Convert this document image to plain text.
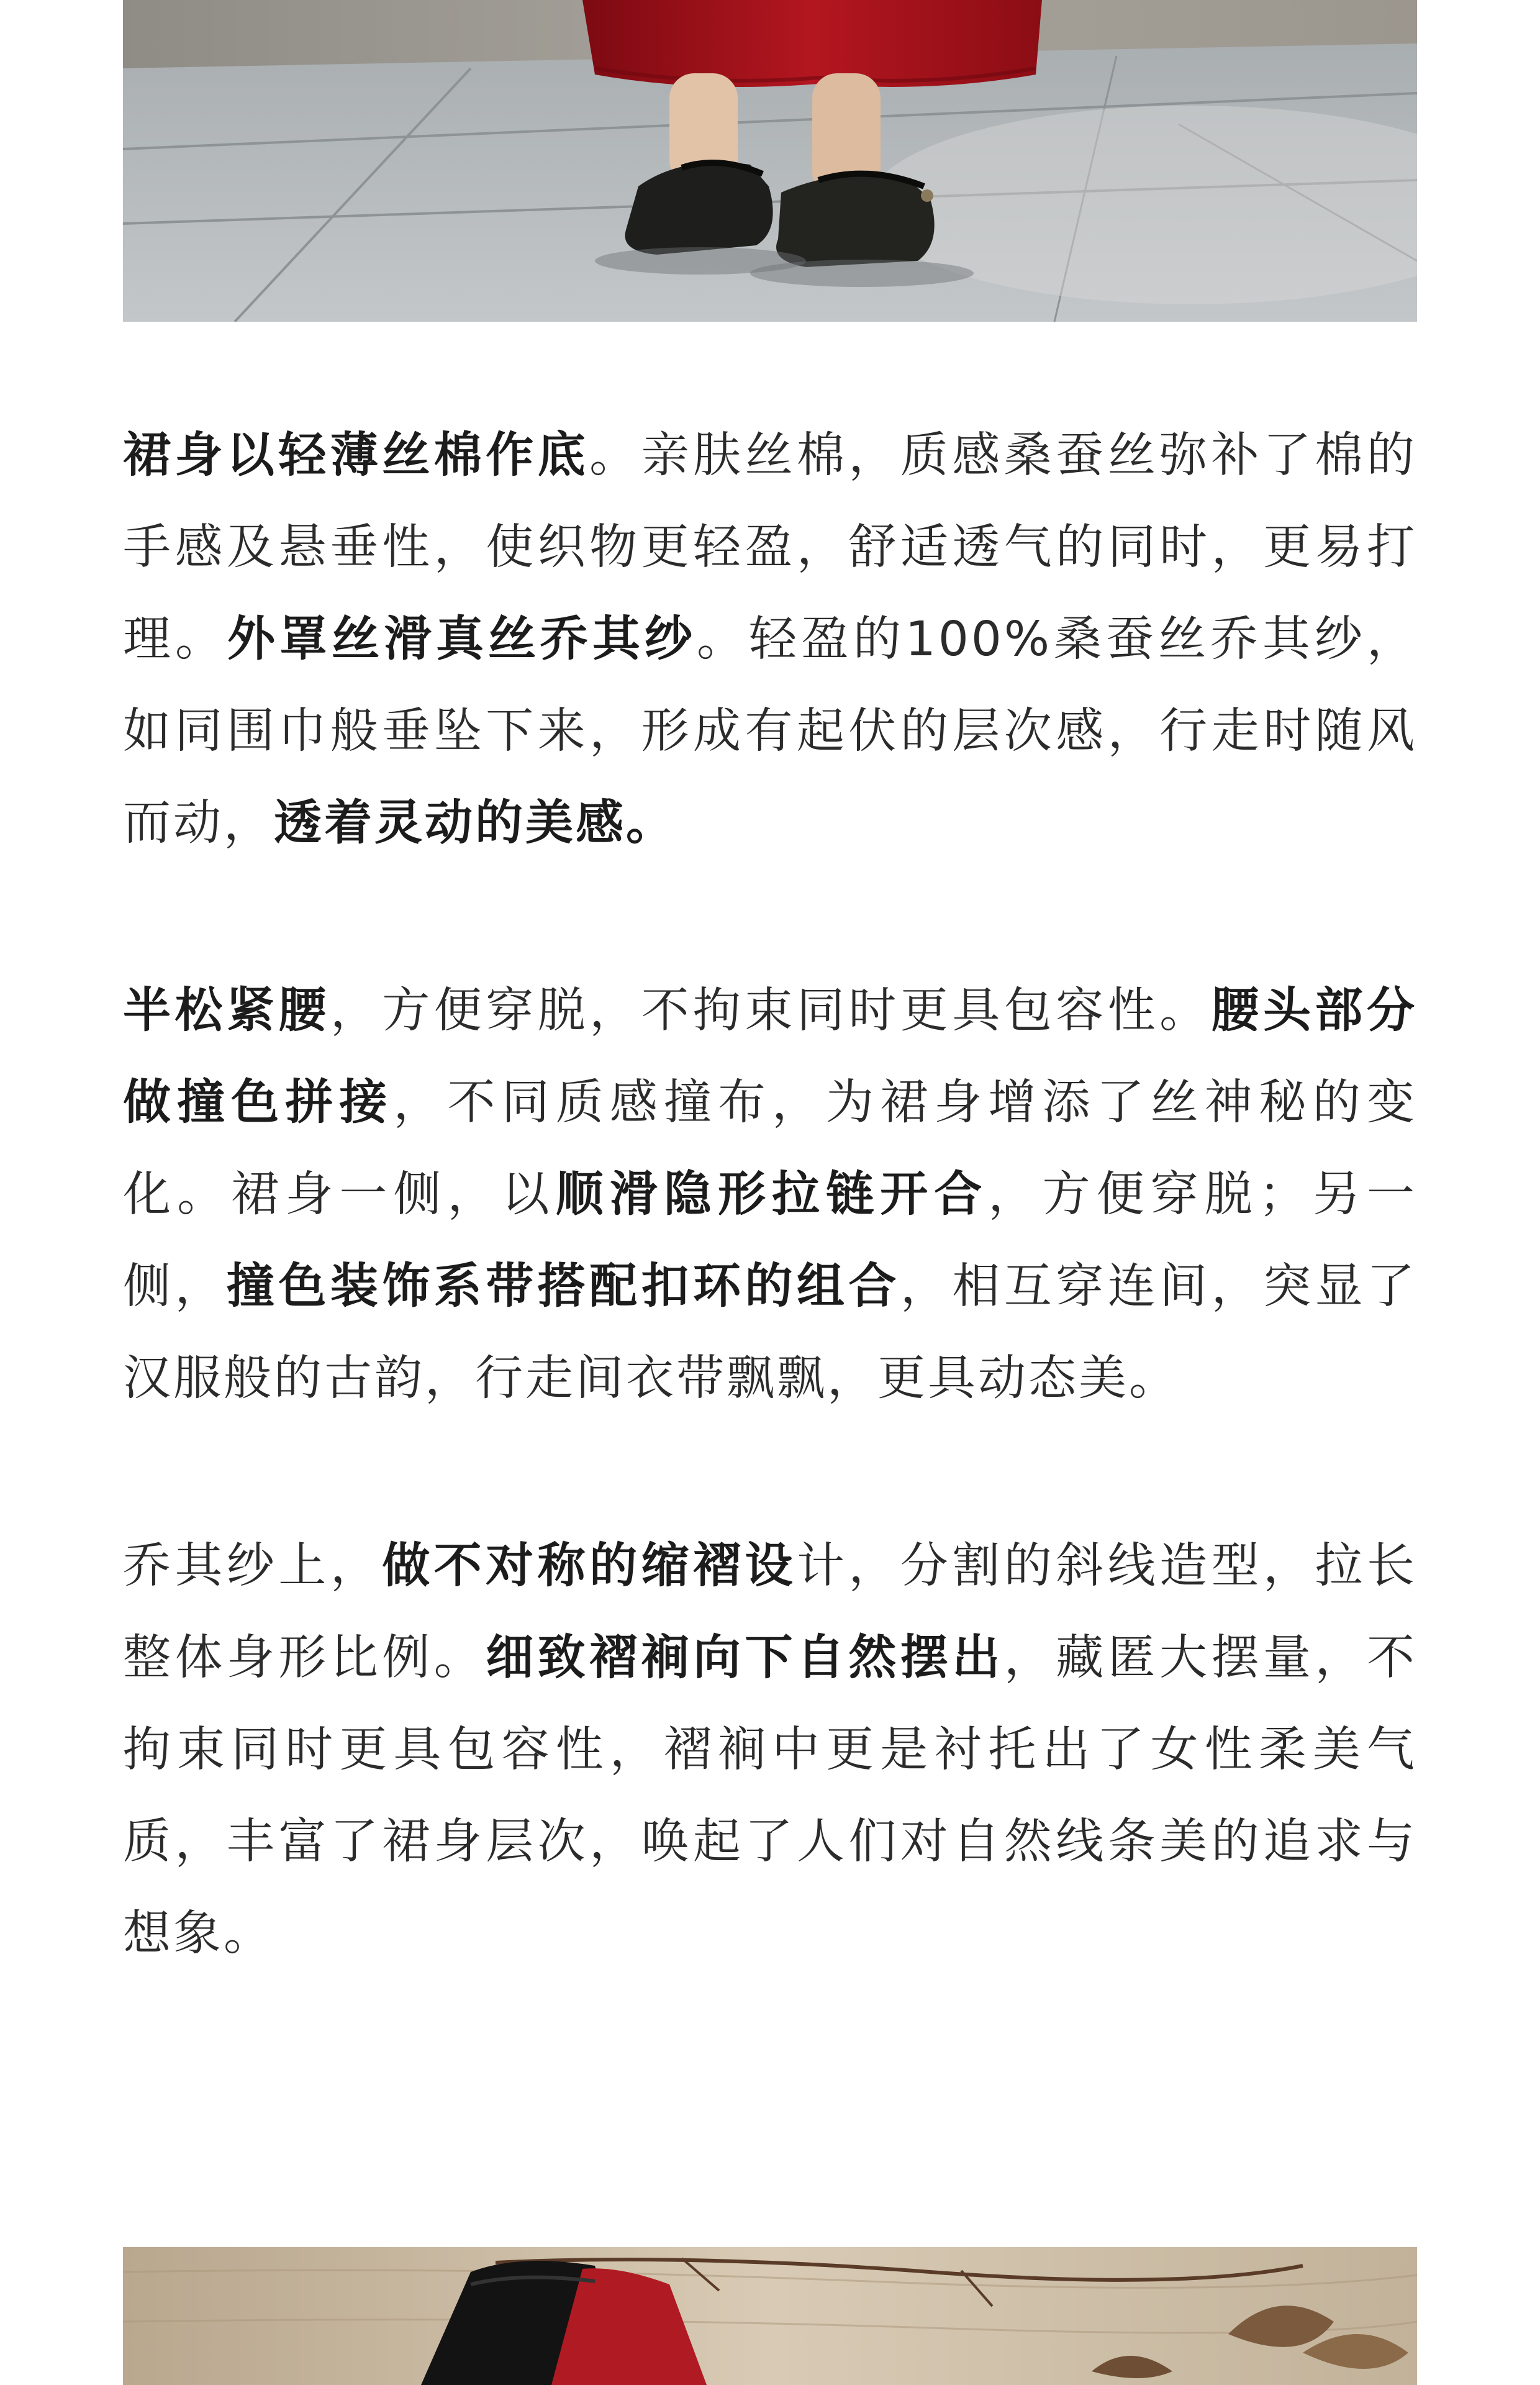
裙身以轻薄丝棉作底。亲肤丝棉，质感桑蚕丝弥补了棉的手感及悬垂性，使织物更轻盈，舒适透气的同时，更易打理。外罩丝滑真丝乔其纱。轻盈的100%桑蚕丝乔其纱，如同围巾般垂坠下来，形成有起伏的层次感，行走时随风而动，透着灵动的美感。

半松紧腰，方便穿脱，不拘束同时更具包容性。腰头部分做撞色拼接，不同质感撞布，为裙身增添了丝神秘的变化。裙身一侧，以顺滑隐形拉链开合，方便穿脱；另一侧，撞色装饰系带搭配扣环的组合，相互穿连间，突显了汉服般的古韵，行走间衣带飘飘，更具动态美。

乔其纱上，做不对称的缩褶设计，分割的斜线造型，拉长整体身形比例。细致褶裥向下自然摆出，藏匿大摆量，不拘束同时更具包容性，褶裥中更是衬托出了女性柔美气质，丰富了裙身层次，唤起了人们对自然线条美的追求与想象。
